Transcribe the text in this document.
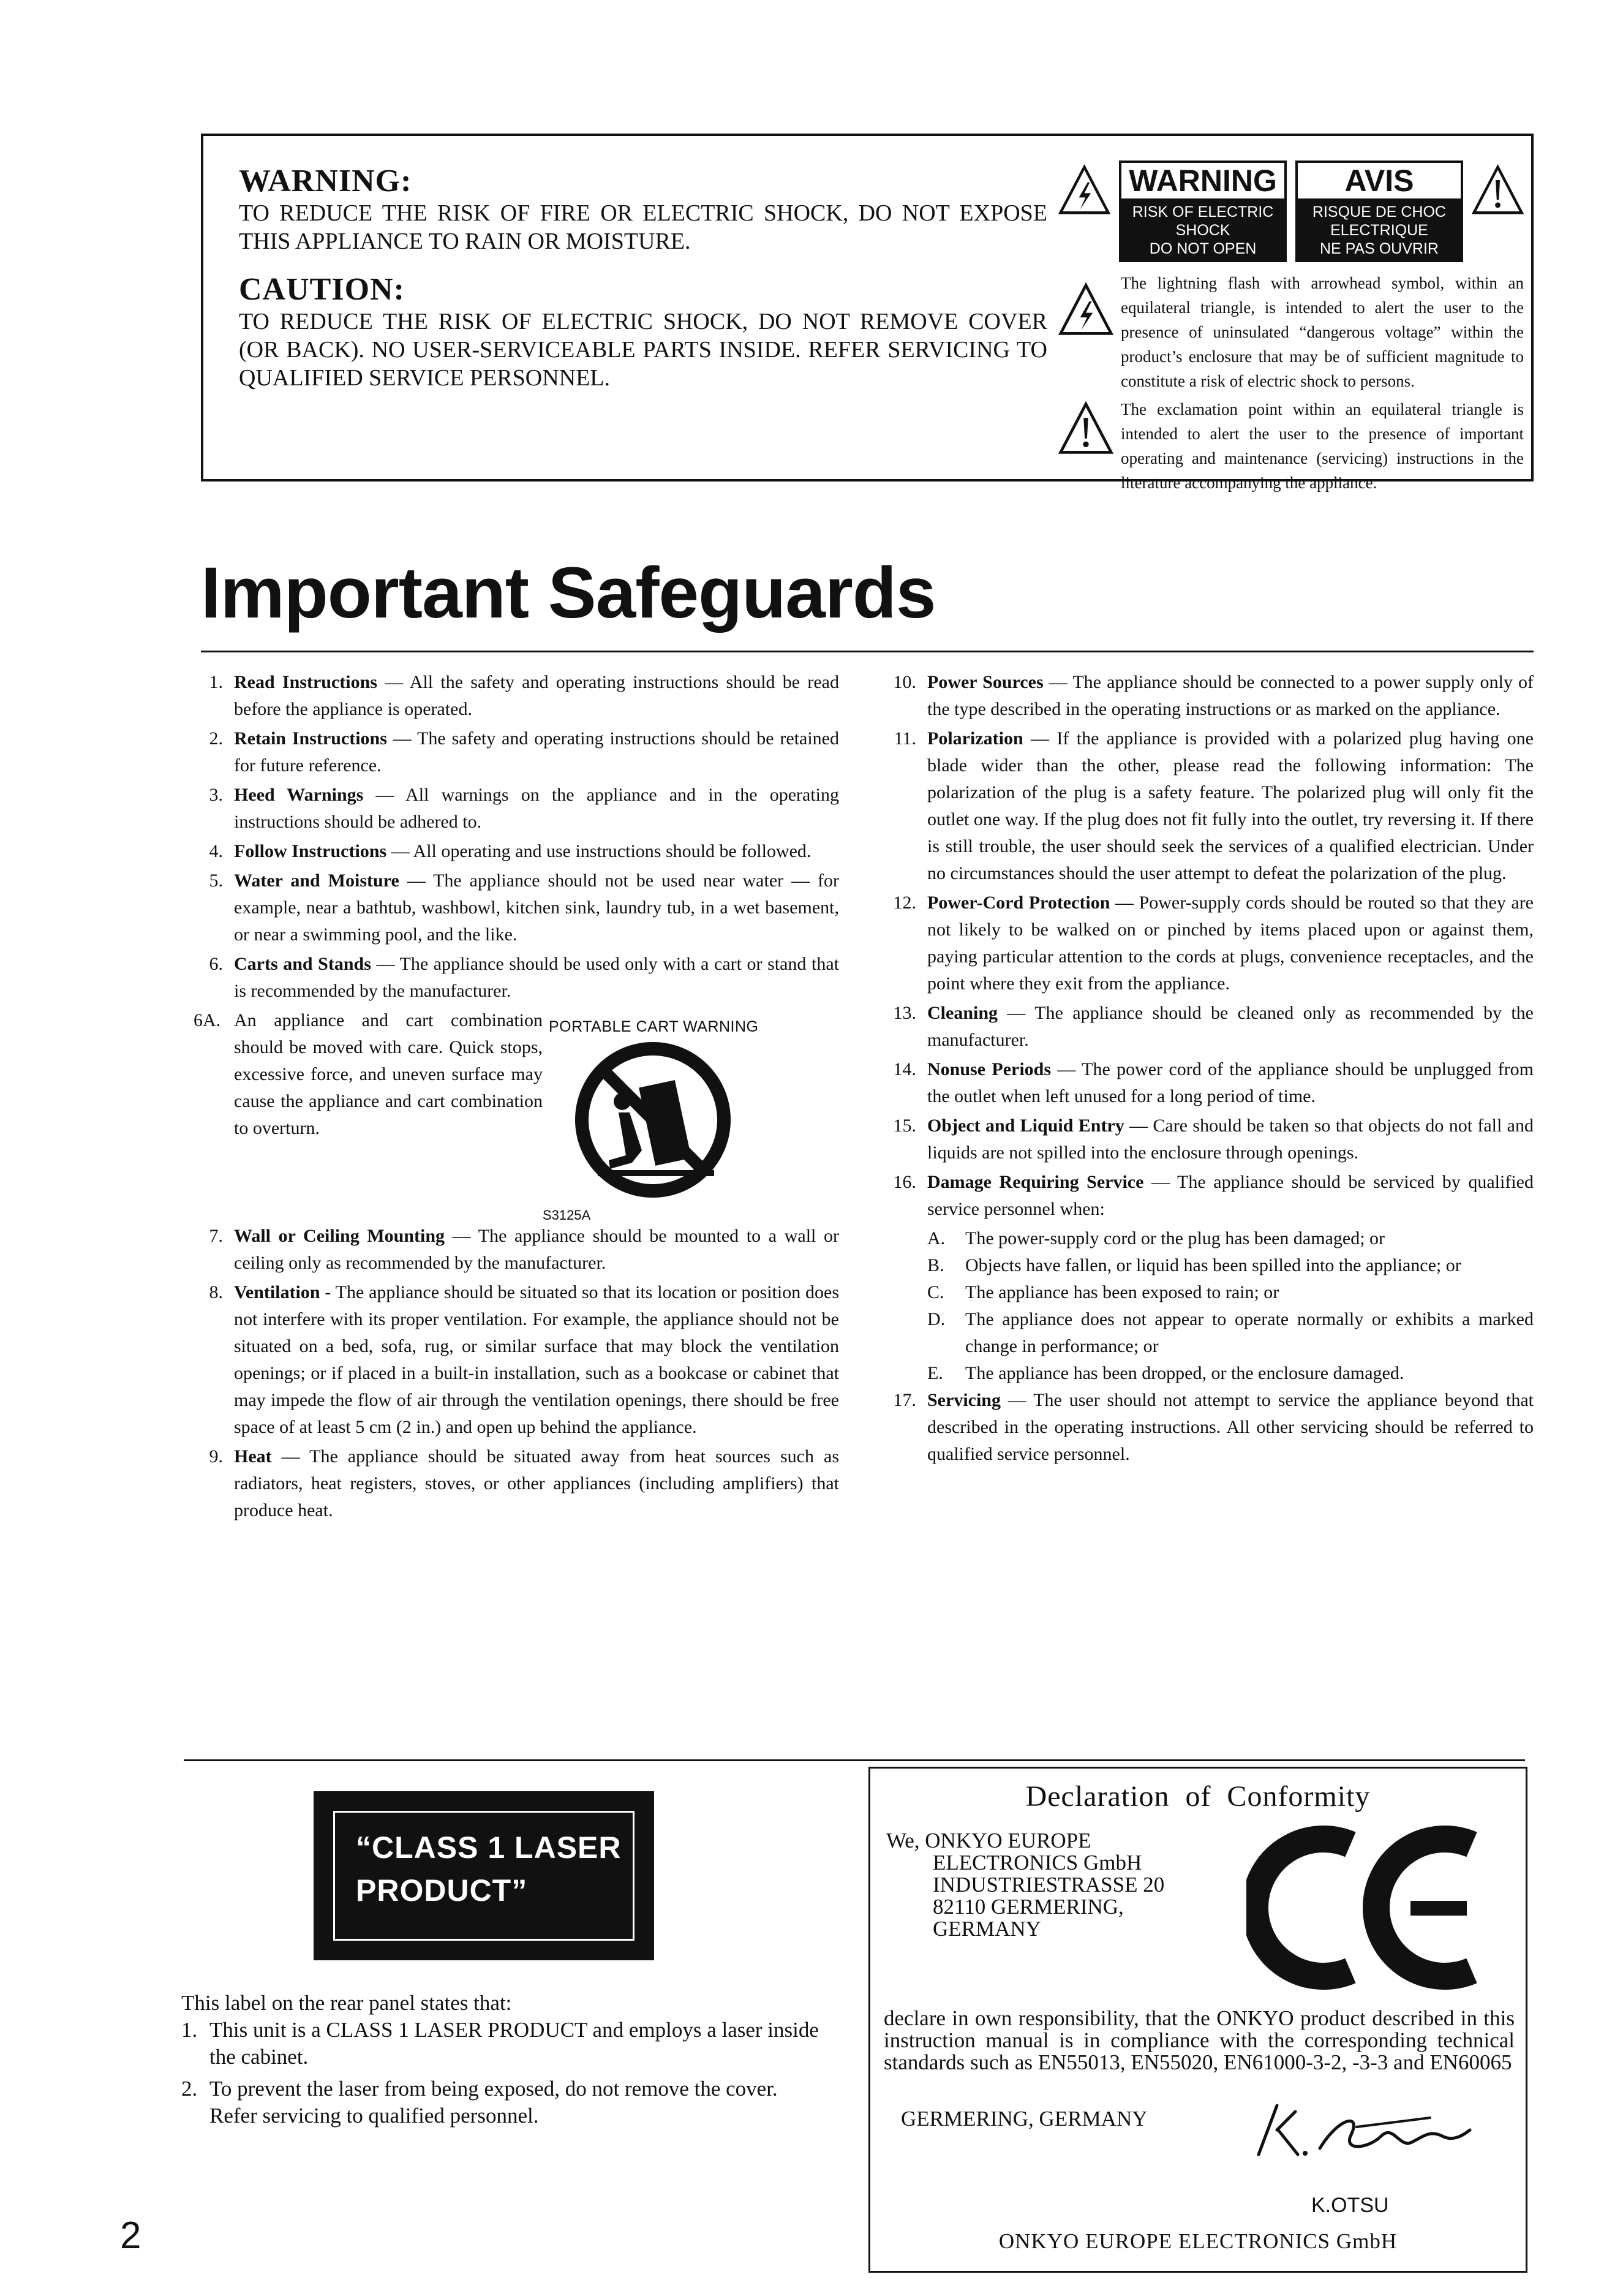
WARNING:
TO REDUCE THE RISK OF FIRE OR ELECTRIC SHOCK, DO NOT EXPOSE THIS APPLIANCE TO RAIN OR MOISTURE.
CAUTION:
TO REDUCE THE RISK OF ELECTRIC SHOCK, DO NOT REMOVE COVER (OR BACK). NO USER-SERVICEABLE PARTS INSIDE. REFER SERVICING TO QUALIFIED SERVICE PERSONNEL.
WARNING
RISK OF ELECTRIC SHOCK
DO NOT OPEN
AVIS
RISQUE DE CHOC ELECTRIQUE
NE PAS OUVRIR
The lightning flash with arrowhead symbol, within an equilateral triangle, is intended to alert the user to the presence of uninsulated “dangerous voltage” within the product’s enclosure that may be of sufficient magnitude to constitute a risk of electric shock to persons.
The exclamation point within an equilateral triangle is intended to alert the user to the presence of important operating and maintenance (servicing) instructions in the literature accompanying the appliance.
Important Safeguards
1. Read Instructions — All the safety and operating instructions should be read before the appliance is operated.
2. Retain Instructions — The safety and operating instructions should be retained for future reference.
3. Heed Warnings — All warnings on the appliance and in the operating instructions should be adhered to.
4. Follow Instructions — All operating and use instructions should be followed.
5. Water and Moisture — The appliance should not be used near water — for example, near a bathtub, washbowl, kitchen sink, laundry tub, in a wet basement, or near a swimming pool, and the like.
6. Carts and Stands — The appliance should be used only with a cart or stand that is recommended by the manufacturer.
6A. An appliance and cart combination should be moved with care. Quick stops, excessive force, and uneven surface may cause the appliance and cart combination to overturn.
PORTABLE CART WARNING
S3125A
7. Wall or Ceiling Mounting — The appliance should be mounted to a wall or ceiling only as recommended by the manufacturer.
8. Ventilation - The appliance should be situated so that its location or position does not interfere with its proper ventilation. For example, the appliance should not be situated on a bed, sofa, rug, or similar surface that may block the ventilation openings; or if placed in a built-in installation, such as a bookcase or cabinet that may impede the flow of air through the ventilation openings, there should be free space of at least 5 cm (2 in.) and open up behind the appliance.
9. Heat — The appliance should be situated away from heat sources such as radiators, heat registers, stoves, or other appliances (including amplifiers) that produce heat.
10. Power Sources — The appliance should be connected to a power supply only of the type described in the operating instructions or as marked on the appliance.
11. Polarization — If the appliance is provided with a polarized plug having one blade wider than the other, please read the following information: The polarization of the plug is a safety feature. The polarized plug will only fit the outlet one way. If the plug does not fit fully into the outlet, try reversing it. If there is still trouble, the user should seek the services of a qualified electrician. Under no circumstances should the user attempt to defeat the polarization of the plug.
12. Power-Cord Protection — Power-supply cords should be routed so that they are not likely to be walked on or pinched by items placed upon or against them, paying particular attention to the cords at plugs, convenience receptacles, and the point where they exit from the appliance.
13. Cleaning — The appliance should be cleaned only as recommended by the manufacturer.
14. Nonuse Periods — The power cord of the appliance should be unplugged from the outlet when left unused for a long period of time.
15. Object and Liquid Entry — Care should be taken so that objects do not fall and liquids are not spilled into the enclosure through openings.
16. Damage Requiring Service — The appliance should be serviced by qualified service personnel when:
A.	The power-supply cord or the plug has been damaged; or
B.	Objects have fallen, or liquid has been spilled into the appliance; or
C.	The appliance has been exposed to rain; or
D.	The appliance does not appear to operate normally or exhibits a marked change in performance; or
E.	The appliance has been dropped, or the enclosure damaged.
17. Servicing — The user should not attempt to service the appliance beyond that described in the operating instructions. All other servicing should be referred to qualified service personnel.
“CLASS 1 LASER
PRODUCT”
This label on the rear panel states that:
1. This unit is a CLASS 1 LASER PRODUCT and employs a laser inside the cabinet.
2. To prevent the laser from being exposed, do not remove the cover. Refer servicing to qualified personnel.
Declaration  of  Conformity
We, ONKYO EUROPE
ELECTRONICS GmbH
INDUSTRIESTRASSE 20
82110 GERMERING,
GERMANY
declare in own responsibility, that the ONKYO product described in this instruction manual is in compliance with the corresponding technical standards such as EN55013, EN55020, EN61000-3-2, -3-3 and EN60065
GERMERING, GERMANY
K.OTSU
ONKYO EUROPE ELECTRONICS GmbH
2
